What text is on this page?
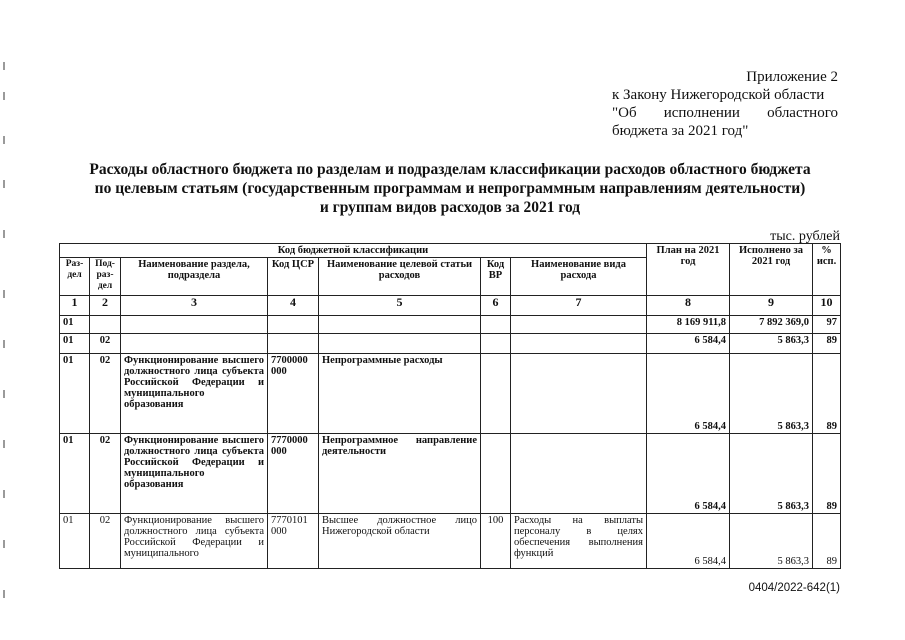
Приложение 2
к Закону Нижегородской области
"Об исполнении областного
бюджета за 2021 год"
Расходы областного бюджета по разделам и подразделам классификации расходов областного бюджета
по целевым статьям (государственным программам и непрограммным направлениям деятельности)
и группам видов расходов за 2021 год
тыс. рублей
Код бюджетной классификации							План на 2021 год	Исполнено за 2021 год	% исп.
Раз-дел	Под-раз-дел	Наименование раздела, подраздела	Код ЦСР	Наименование целевой статьи расходов	Код ВР	Наименование вида расхода			
1	2	3	4	5	6	7	8	9	10
01							8 169 911,8	7 892 369,0	97
01	02						6 584,4	5 863,3	89
01	02	Функционирование высшего должностного лица субъекта Российской Федерации и муниципального образования	7700000 000	Непрограммные расходы			6 584,4	5 863,3	89
01	02	Функционирование высшего должностного лица субъекта Российской Федерации и муниципального образования	7770000 000	Непрограммное направление деятельности			6 584,4	5 863,3	89
01	02	Функционирование высшего должностного лица субъекта Российской Федерации и муниципального	7770101 000	Высшее должностное лицо Нижегородской области	100	Расходы на выплаты персоналу в целях обеспечения выполнения функций	6 584,4	5 863,3	89
0404/2022-642(1)
